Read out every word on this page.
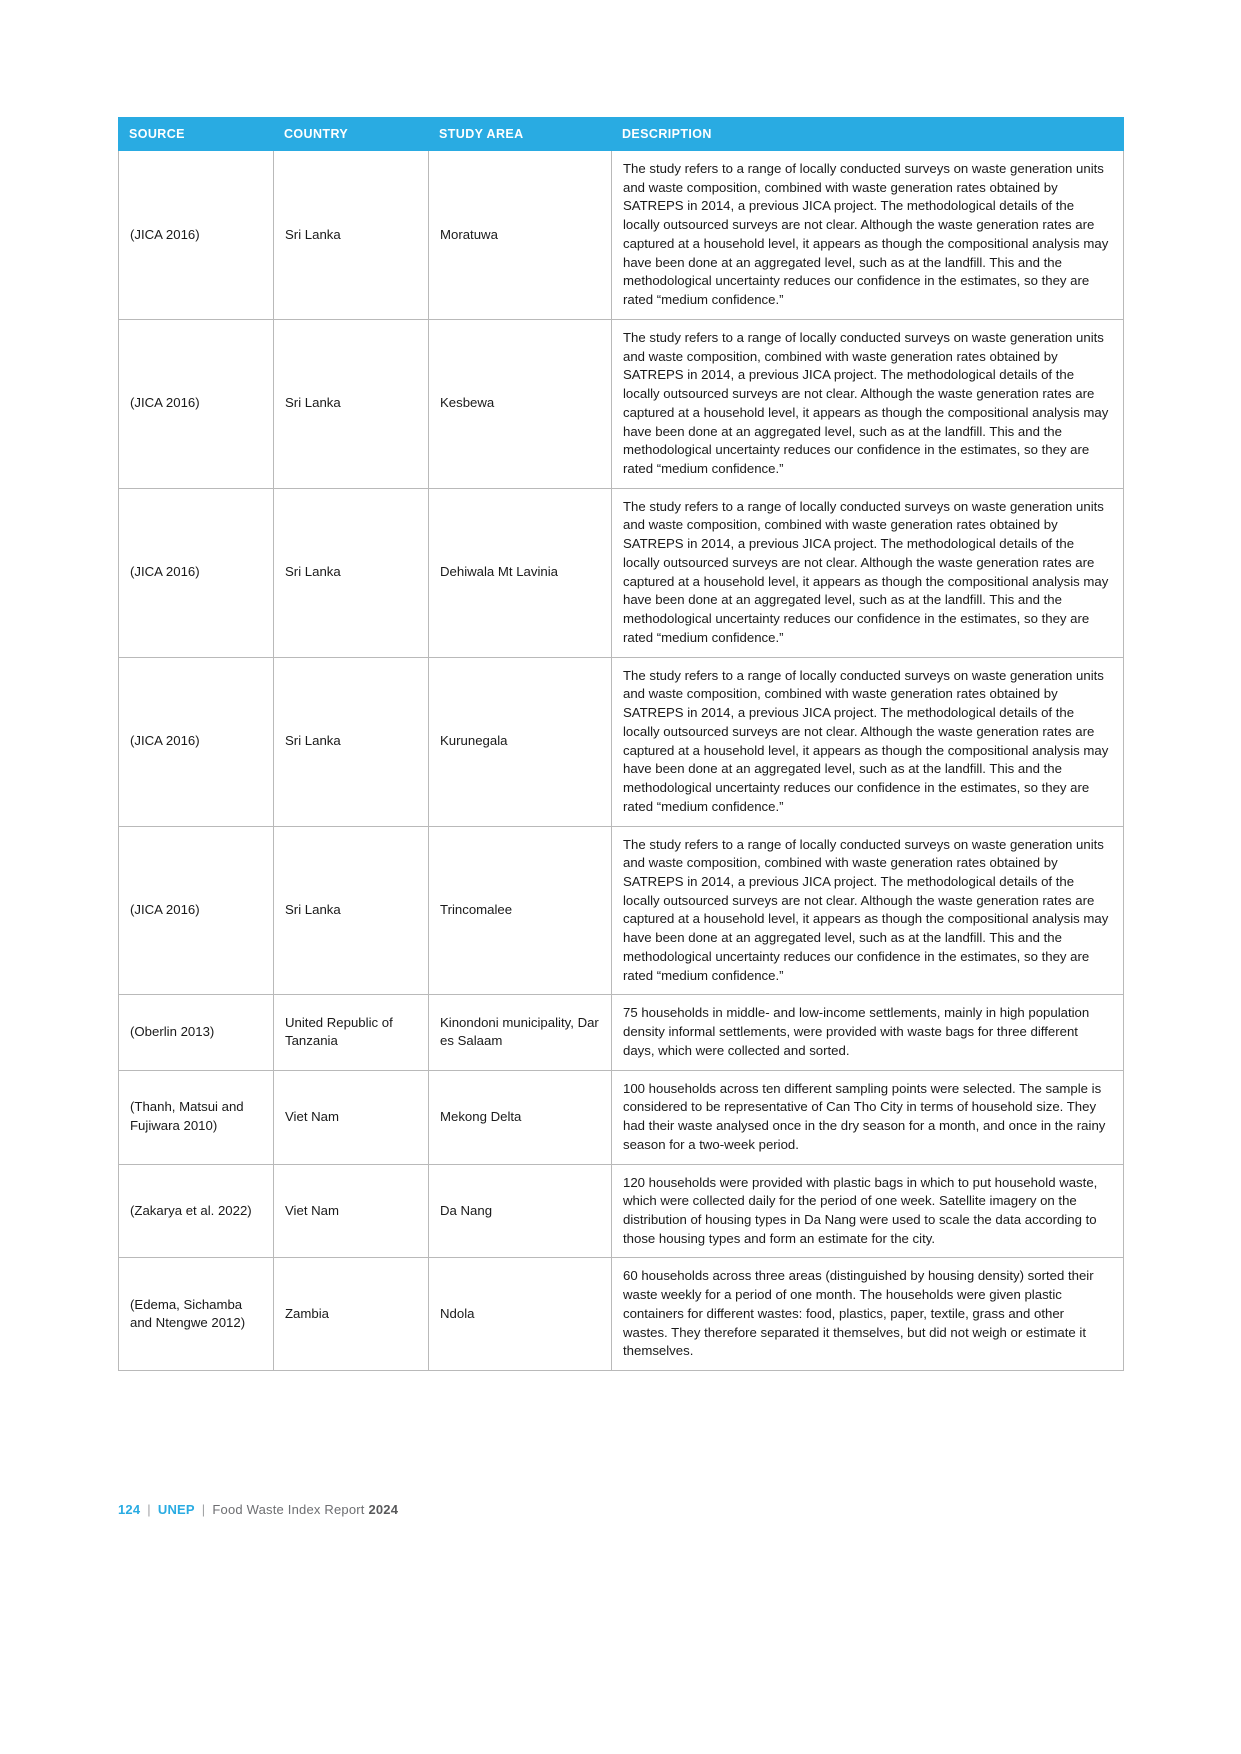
SOURCE	COUNTRY	STUDY AREA	DESCRIPTION
(JICA 2016)	Sri Lanka	Moratuwa	The study refers to a range of locally conducted surveys on waste generation units and waste composition, combined with waste generation rates obtained by SATREPS in 2014, a previous JICA project. The methodological details of the locally outsourced surveys are not clear. Although the waste generation rates are captured at a household level, it appears as though the compositional analysis may have been done at an aggregated level, such as at the landfill. This and the methodological uncertainty reduces our confidence in the estimates, so they are rated “medium confidence.”
(JICA 2016)	Sri Lanka	Kesbewa	The study refers to a range of locally conducted surveys on waste generation units and waste composition, combined with waste generation rates obtained by SATREPS in 2014, a previous JICA project. The methodological details of the locally outsourced surveys are not clear. Although the waste generation rates are captured at a household level, it appears as though the compositional analysis may have been done at an aggregated level, such as at the landfill. This and the methodological uncertainty reduces our confidence in the estimates, so they are rated “medium confidence.”
(JICA 2016)	Sri Lanka	Dehiwala Mt Lavinia	The study refers to a range of locally conducted surveys on waste generation units and waste composition, combined with waste generation rates obtained by SATREPS in 2014, a previous JICA project. The methodological details of the locally outsourced surveys are not clear. Although the waste generation rates are captured at a household level, it appears as though the compositional analysis may have been done at an aggregated level, such as at the landfill. This and the methodological uncertainty reduces our confidence in the estimates, so they are rated “medium confidence.”
(JICA 2016)	Sri Lanka	Kurunegala	The study refers to a range of locally conducted surveys on waste generation units and waste composition, combined with waste generation rates obtained by SATREPS in 2014, a previous JICA project. The methodological details of the locally outsourced surveys are not clear. Although the waste generation rates are captured at a household level, it appears as though the compositional analysis may have been done at an aggregated level, such as at the landfill. This and the methodological uncertainty reduces our confidence in the estimates, so they are rated “medium confidence.”
(JICA 2016)	Sri Lanka	Trincomalee	The study refers to a range of locally conducted surveys on waste generation units and waste composition, combined with waste generation rates obtained by SATREPS in 2014, a previous JICA project. The methodological details of the locally outsourced surveys are not clear. Although the waste generation rates are captured at a household level, it appears as though the compositional analysis may have been done at an aggregated level, such as at the landfill. This and the methodological uncertainty reduces our confidence in the estimates, so they are rated “medium confidence.”
(Oberlin 2013)	United Republic of Tanzania	Kinondoni municipality, Dar es Salaam	75 households in middle- and low-income settlements, mainly in high population density informal settlements, were provided with waste bags for three different days, which were collected and sorted.
(Thanh, Matsui and Fujiwara 2010)	Viet Nam	Mekong Delta	100 households across ten different sampling points were selected. The sample is considered to be representative of Can Tho City in terms of household size. They had their waste analysed once in the dry season for a month, and once in the rainy season for a two-week period.
(Zakarya et al. 2022)	Viet Nam	Da Nang	120 households were provided with plastic bags in which to put household waste, which were collected daily for the period of one week. Satellite imagery on the distribution of housing types in Da Nang were used to scale the data according to those housing types and form an estimate for the city.
(Edema, Sichamba and Ntengwe 2012)	Zambia	Ndola	60 households across three areas (distinguished by housing density) sorted their waste weekly for a period of one month. The households were given plastic containers for different wastes: food, plastics, paper, textile, grass and other wastes. They therefore separated it themselves, but did not weigh or estimate it themselves.
124 | UNEP | Food Waste Index Report 2024
